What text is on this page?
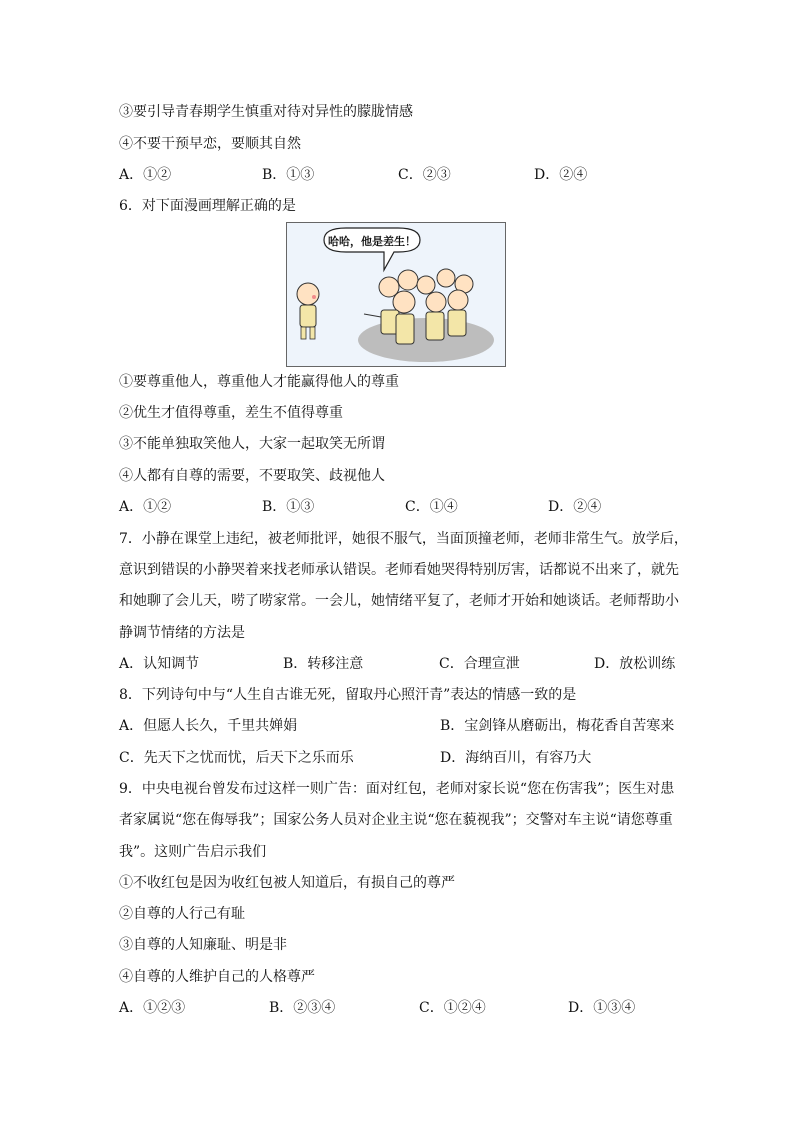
③要引导青春期学生慎重对待对异性的朦胧情感
④不要干预早恋，要顺其自然
A．①②	B．①③	C．②③	D．②④
6．对下面漫画理解正确的是
哈哈，他是差生！
①要尊重他人，尊重他人才能赢得他人的尊重
②优生才值得尊重，差生不值得尊重
③不能单独取笑他人，大家一起取笑无所谓
④人都有自尊的需要，不要取笑、歧视他人
A．①②	B．①③	C．①④	D．②④
7．小静在课堂上违纪，被老师批评，她很不服气，当面顶撞老师，老师非常生气。放学后，
意识到错误的小静哭着来找老师承认错误。老师看她哭得特别厉害，话都说不出来了，就先
和她聊了会儿天，唠了唠家常。一会儿，她情绪平复了，老师才开始和她谈话。老师帮助小
静调节情绪的方法是
A．认知调节	B．转移注意	C．合理宣泄	D．放松训练
8．下列诗句中与“人生自古谁无死，留取丹心照汗青”表达的情感一致的是
A．但愿人长久，千里共婵娟	B．宝剑锋从磨砺出，梅花香自苦寒来
C．先天下之忧而忧，后天下之乐而乐	D．海纳百川，有容乃大
9．中央电视台曾发布过这样一则广告：面对红包，老师对家长说“您在伤害我”；医生对患
者家属说“您在侮辱我”；国家公务人员对企业主说“您在藐视我”；交警对车主说“请您尊重
我”。这则广告启示我们
①不收红包是因为收红包被人知道后，有损自己的尊严
②自尊的人行己有耻
③自尊的人知廉耻、明是非
④自尊的人维护自己的人格尊严
A．①②③	B．②③④	C．①②④	D．①③④
